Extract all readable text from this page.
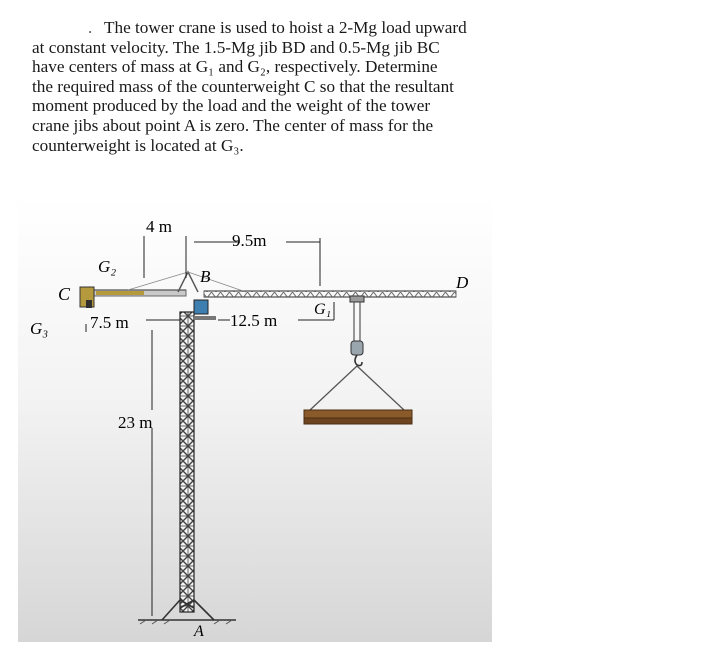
. The tower crane is used to hoist a 2-Mg load upward
at constant velocity. The 1.5-Mg jib BD and 0.5-Mg jib BC
have centers of mass at G₁ and G₂, respectively. Determine
the required mass of the counterweight C so that the resultant
moment produced by the load and the weight of the tower
crane jibs about point A is zero. The center of mass for the
counterweight is located at G₃.
4 m
9.5m
7.5 m	12.5 m
23 m
B
C
D
A
G₁
G₂
G₃
